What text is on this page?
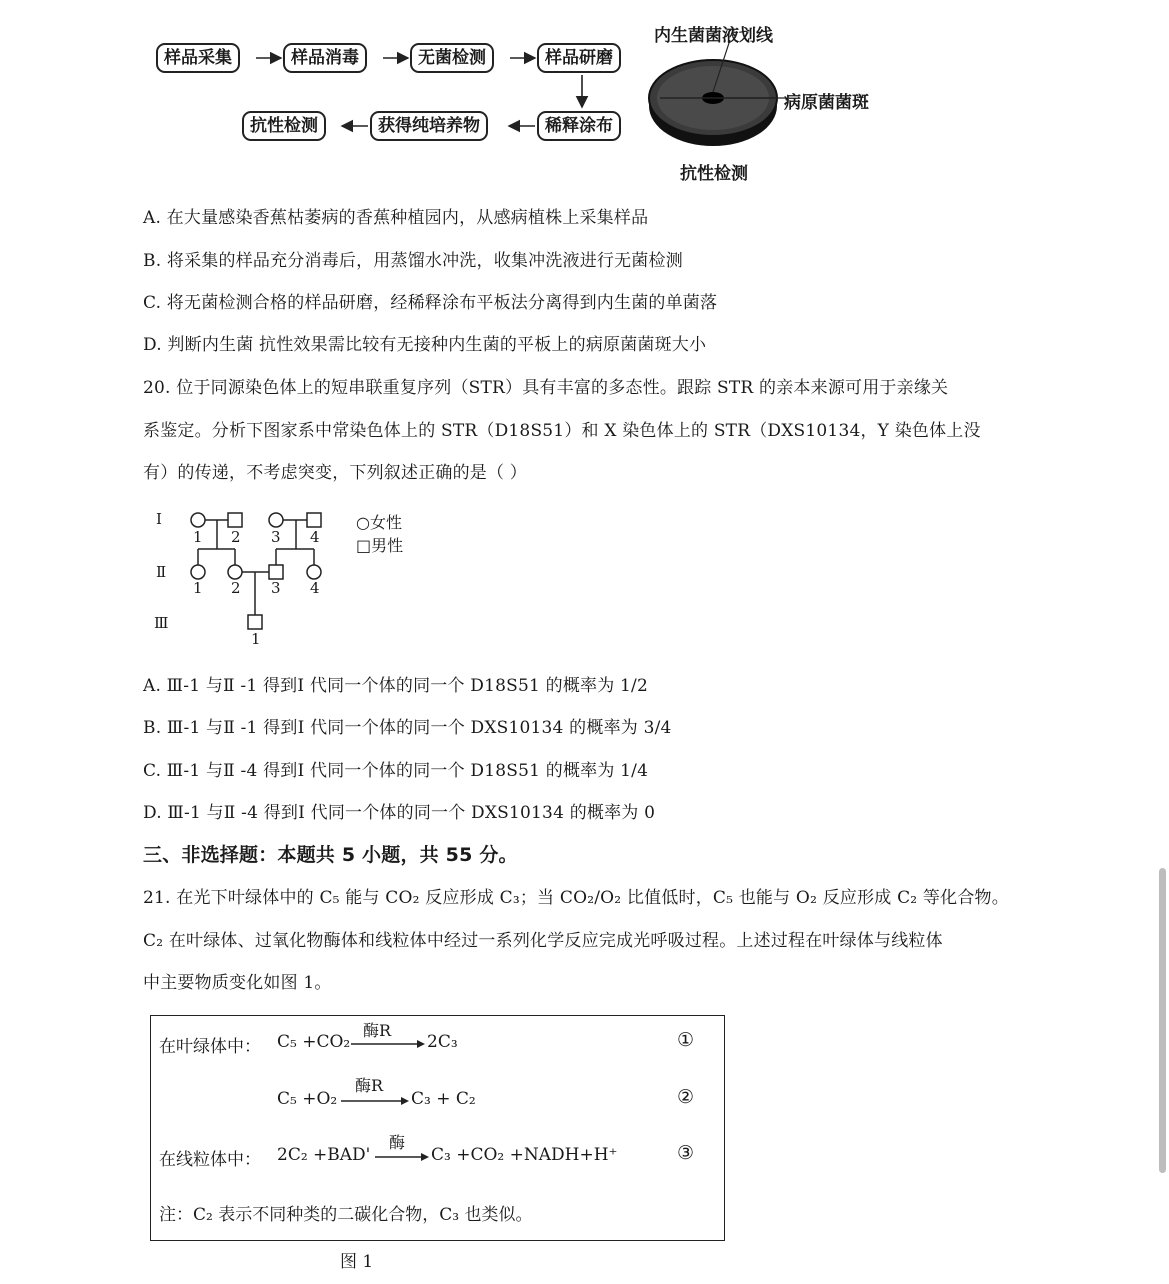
样品采集	样品消毒	无菌检测	样品研磨
稀释涂布
获得纯培养物
抗性检测
内生菌菌液划线
病原菌菌斑
抗性检测
A. 在大量感染香蕉枯萎病的香蕉种植园内，从感病植株上采集样品
B. 将采集的样品充分消毒后，用蒸馏水冲洗，收集冲洗液进行无菌检测
C. 将无菌检测合格的样品研磨，经稀释涂布平板法分离得到内生菌的单菌落
D. 判断内生菌 抗性效果需比较有无接种内生菌的平板上的病原菌菌斑大小
20. 位于同源染色体上的短串联重复序列（STR）具有丰富的多态性。跟踪 STR 的亲本来源可用于亲缘关
系鉴定。分析下图家系中常染色体上的 STR（D18S51）和 X 染色体上的 STR（DXS10134，Y 染色体上没
有）的传递，不考虑突变，下列叙述正确的是（ ）
Ⅰ
Ⅱ
Ⅲ
1 2 3 4
1 2 3 4
1
○女性
□男性
A. Ⅲ-1 与Ⅱ -1 得到Ⅰ 代同一个体的同一个 D18S51 的概率为 1/2
B. Ⅲ-1 与Ⅱ -1 得到Ⅰ 代同一个体的同一个 DXS10134 的概率为 3/4
C. Ⅲ-1 与Ⅱ -4 得到Ⅰ 代同一个体的同一个 D18S51 的概率为 1/4
D. Ⅲ-1 与Ⅱ -4 得到Ⅰ 代同一个体的同一个 DXS10134 的概率为 0
三、非选择题：本题共 5 小题，共 55 分。
21. 在光下叶绿体中的 C₅ 能与 CO₂ 反应形成 C₃；当 CO₂/O₂ 比值低时，C₅ 也能与 O₂ 反应形成 C₂ 等化合物。
C₂ 在叶绿体、过氧化物酶体和线粒体中经过一系列化学反应完成光呼吸过程。上述过程在叶绿体与线粒体
中主要物质变化如图 1。
在叶绿体中： C₅ +CO₂
酶R
2C₃	①
C₅ +O₂
酶R
C₃ + C₂	②
在线粒体中： 2C₂ +BAD'
酶
C₃ +CO₂ +NADH+H⁺	③
注：C₂ 表示不同种类的二碳化合物，C₃ 也类似。
图 1
